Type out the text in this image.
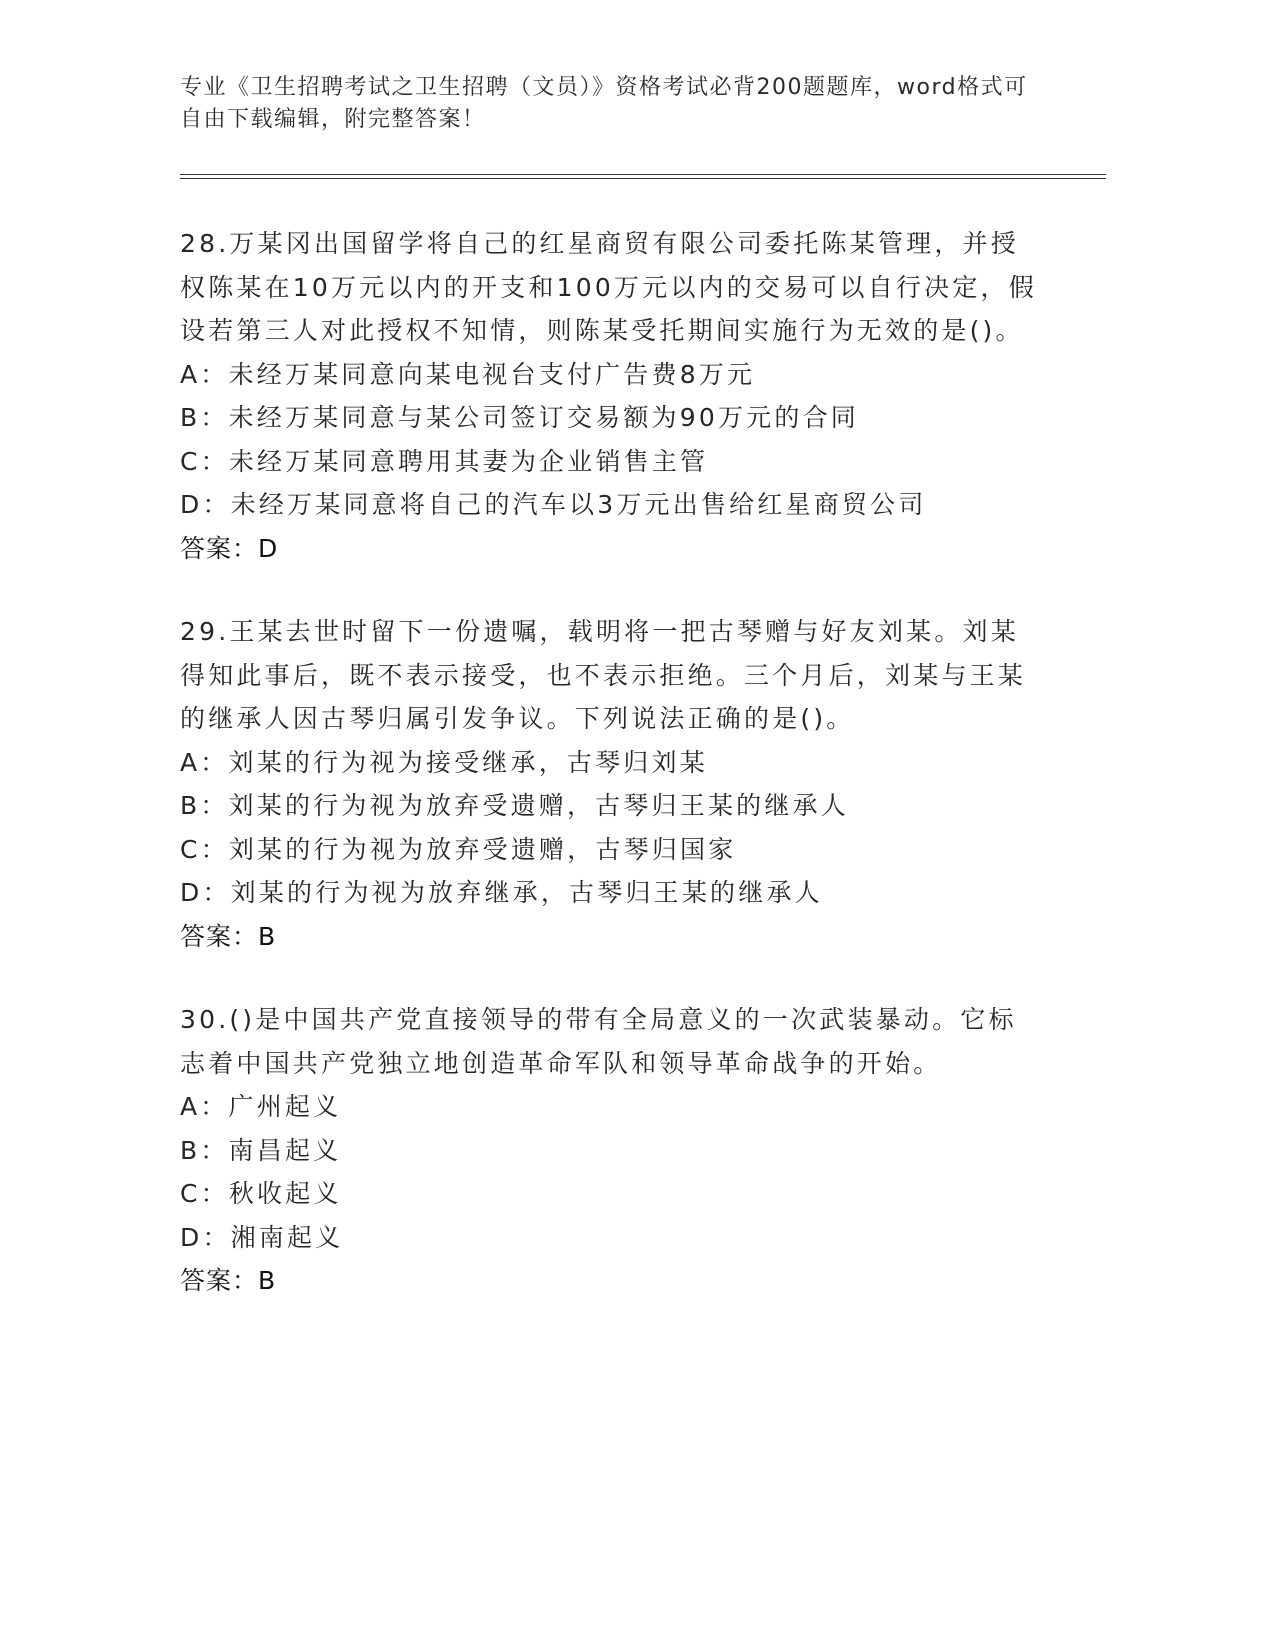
专业《卫生招聘考试之卫生招聘（文员）》资格考试必背200题题库，word格式可自由下载编辑，附完整答案！
28.万某冈出国留学将自己的红星商贸有限公司委托陈某管理，并授权陈某在10万元以内的开支和100万元以内的交易可以自行决定，假设若第三人对此授权不知情，则陈某受托期间实施行为无效的是()。
A：未经万某同意向某电视台支付广告费8万元
B：未经万某同意与某公司签订交易额为90万元的合同
C：未经万某同意聘用其妻为企业销售主管
D：未经万某同意将自己的汽车以3万元出售给红星商贸公司
答案：D
29.王某去世时留下一份遗嘱，载明将一把古琴赠与好友刘某。刘某得知此事后，既不表示接受，也不表示拒绝。三个月后，刘某与王某的继承人因古琴归属引发争议。下列说法正确的是()。
A：刘某的行为视为接受继承，古琴归刘某
B：刘某的行为视为放弃受遗赠，古琴归王某的继承人
C：刘某的行为视为放弃受遗赠，古琴归国家
D：刘某的行为视为放弃继承，古琴归王某的继承人
答案：B
30.()是中国共产党直接领导的带有全局意义的一次武装暴动。它标志着中国共产党独立地创造革命军队和领导革命战争的开始。
A：广州起义
B：南昌起义
C：秋收起义
D：湘南起义
答案：B
